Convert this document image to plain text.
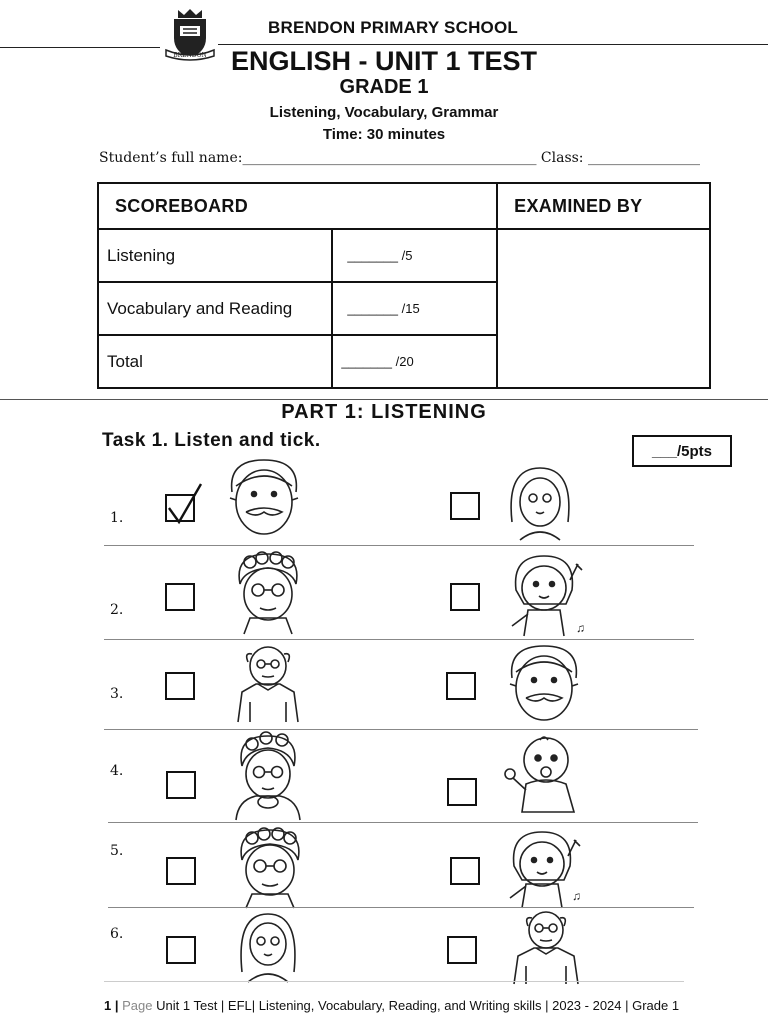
BRENDON
BRENDON PRIMARY SCHOOL
ENGLISH - UNIT 1 TEST
GRADE 1
Listening, Vocabulary, Grammar
Time: 30 minutes
Student’s full name:__________________________________________ Class: ________________
SCOREBOARD		EXAMINED BY
Listening	_______ /5	
Vocabulary and Reading	_______ /15	
Total	_______ /20	
PART 1: LISTENING
Task 1. Listen and tick.	___/5pts
1.
2.
♫
3.
4.
5.
♫
6.
1 | Page Unit 1 Test | EFL| Listening, Vocabulary, Reading, and Writing skills | 2023 - 2024 | Grade 1
